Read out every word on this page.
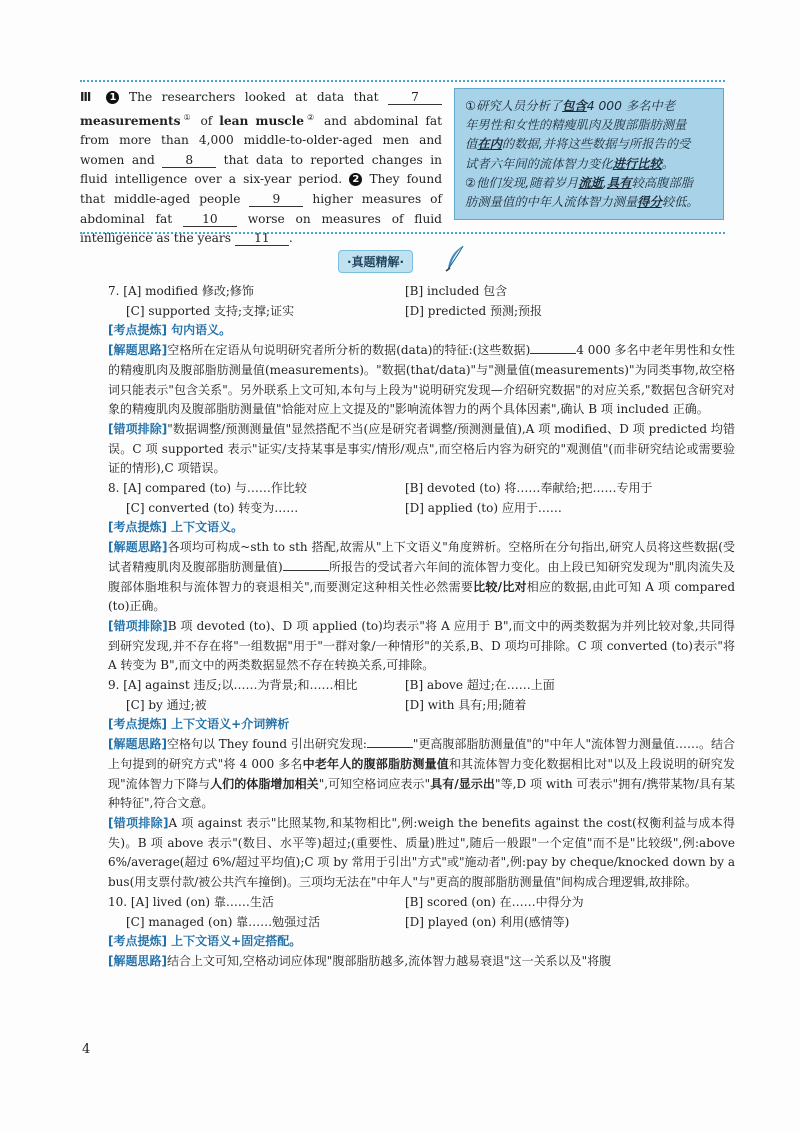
Ⅲ 1 The researchers looked at data that	7 measurements① of lean muscle② and abdominal fat from more than 4,000 middle-to-older-aged men and women and	8	that data to reported changes in fluid intelligence over a six-year period. 2 They found that middle-aged people	9	higher measures of abdominal fat 10 worse on measures of fluid intelligence as the years 11 .
①研究人员分析了包含4 000 多名中老
年男性和女性的精瘦肌肉及腹部脂肪测量
值在内的数据,并将这些数据与所报告的受
试者六年间的流体智力变化进行比较。
②他们发现,随着岁月流逝,具有较高腹部脂
肪测量值的中年人流体智力测量得分较低。
·真题精解·
7. [A] modified 修改;修饰	[B] included 包含
[C] supported 支持;支撑;证实	[D] predicted 预测;预报

[考点提炼] 句内语义。

[解题思路]空格所在定语从句说明研究者所分析的数据(data)的特征:(这些数据)	4 000 多名中老年男性和女性的精瘦肌肉及腹部脂肪测量值(measurements)。"数据(that/data)"与"测量值(measurements)"为同类事物,故空格词只能表示"包含关系"。另外联系上文可知,本句与上段为"说明研究发现—介绍研究数据"的对应关系,"数据包含研究对象的精瘦肌肉及腹部脂肪测量值"恰能对应上文提及的"影响流体智力的两个具体因素",确认 B 项 included 正确。

[错项排除]"数据调整/预测测量值"显然搭配不当(应是研究者调整/预测测量值),A 项 modified、D 项 predicted 均错误。C 项 supported 表示"证实/支持某事是事实/情形/观点",而空格后内容为研究的"观测值"(而非研究结论或需要验证的情形),C 项错误。

8. [A] compared (to) 与……作比较	[B] devoted (to) 将……奉献给;把……专用于
[C] converted (to) 转变为……	[D] applied (to) 应用于……

[考点提炼] 上下文语义。

[解题思路]各项均可构成~sth to sth 搭配,故需从"上下文语义"角度辨析。空格所在分句指出,研究人员将这些数据(受试者精瘦肌肉及腹部脂肪测量值)	所报告的受试者六年间的流体智力变化。由上段已知研究发现为"肌肉流失及腹部体脂堆积与流体智力的衰退相关",而要测定这种相关性必然需要比较/比对相应的数据,由此可知 A 项 compared (to)正确。

[错项排除]B 项 devoted (to)、D 项 applied (to)均表示"将 A 应用于 B",而文中的两类数据为并列比较对象,共同得到研究发现,并不存在将"一组数据"用于"一群对象/一种情形"的关系,B、D 项均可排除。C 项 converted (to)表示"将 A 转变为 B",而文中的两类数据显然不存在转换关系,可排除。

9. [A] against 违反;以……为背景;和……相比	[B] above 超过;在……上面
[C] by 通过;被	[D] with 具有;用;随着

[考点提炼] 上下文语义+介词辨析

[解题思路]空格句以 They found 引出研究发现:	"更高腹部脂肪测量值"的"中年人"流体智力测量值……。结合上句提到的研究方式"将 4 000 多名中老年人的腹部脂肪测量值和其流体智力变化数据相比对"以及上段说明的研究发现"流体智力下降与人们的体脂增加相关",可知空格词应表示"具有/显示出"等,D 项 with 可表示"拥有/携带某物/具有某种特征",符合文意。

[错项排除]A 项 against 表示"比照某物,和某物相比",例:weigh the benefits against the cost(权衡利益与成本得失)。B 项 above 表示"(数目、水平等)超过;(重要性、质量)胜过",随后一般跟"一个定值"而不是"比较级",例:above 6%/average(超过 6%/超过平均值);C 项 by 常用于引出"方式"或"施动者",例:pay by cheque/knocked down by a bus(用支票付款/被公共汽车撞倒)。三项均无法在"中年人"与"更高的腹部脂肪测量值"间构成合理逻辑,故排除。

10. [A] lived (on) 靠……生活	[B] scored (on) 在……中得分为
[C] managed (on) 靠……勉强过活	[D] played (on) 利用(感情等)

[考点提炼] 上下文语义+固定搭配。

[解题思路]结合上文可知,空格动词应体现"腹部脂肪越多,流体智力越易衰退"这一关系以及"将腹

4
